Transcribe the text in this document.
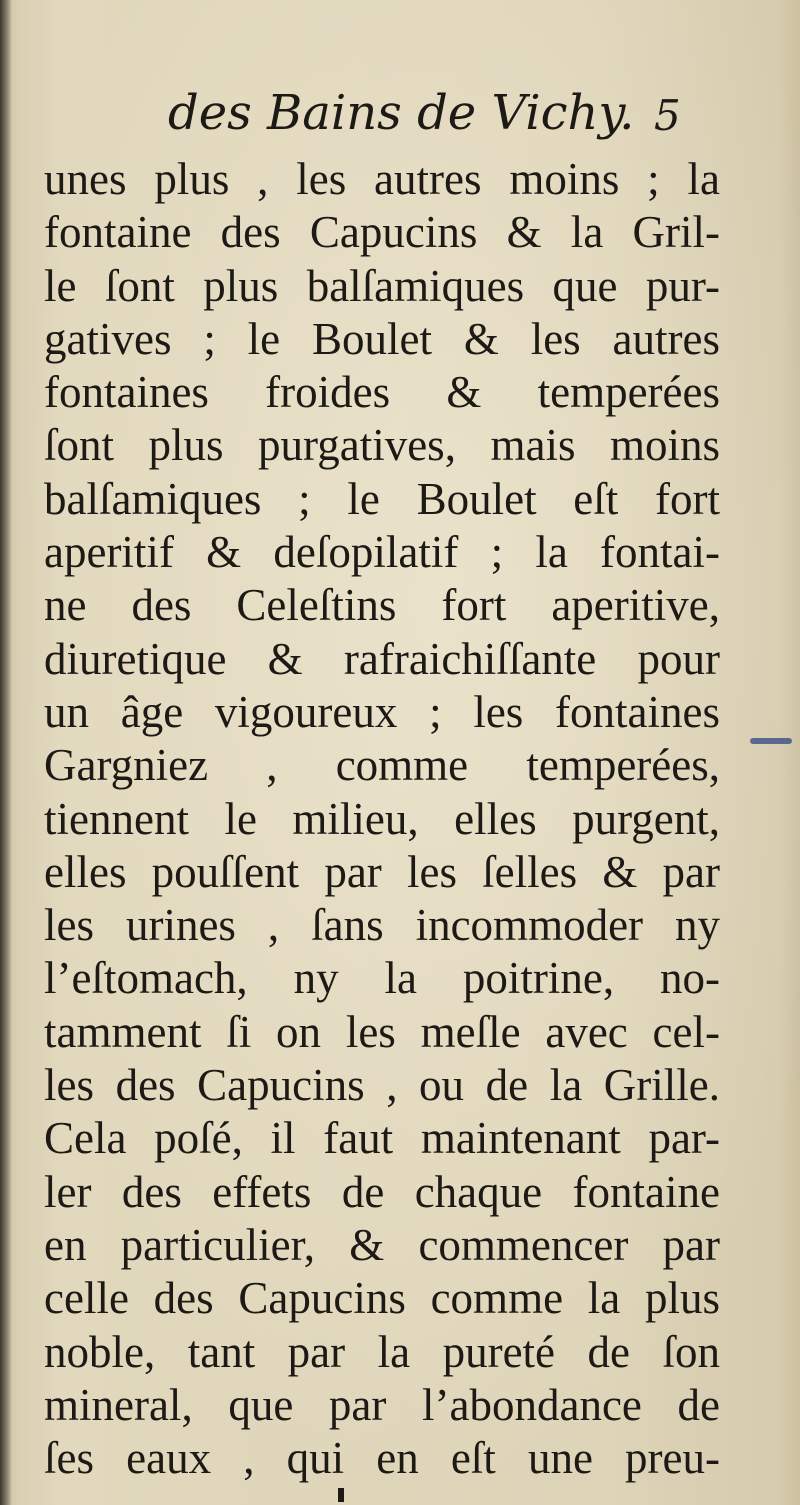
des Bains de Vichy. 5
unes plus , les autres moins ; la
fontaine des Capucins & la Gril-
le ſont plus balſamiques que pur-
gatives ; le Boulet & les autres
fontaines froides & temperées
ſont plus purgatives, mais moins
balſamiques ; le Boulet eſt fort
aperitif & deſopilatif ; la fontai-
ne des Celeſtins fort aperitive,
diuretique & rafraichiſſante pour
un âge vigoureux ; les fontaines
Gargniez , comme temperées,
tiennent le milieu, elles purgent,
elles pouſſent par les ſelles & par
les urines , ſans incommoder ny
l’eſtomach, ny la poitrine, no-
tamment ſi on les meſle avec cel-
les des Capucins , ou de la Grille.
Cela poſé, il faut maintenant par-
ler des effets de chaque fontaine
en particulier, & commencer par
celle des Capucins comme la plus
noble, tant par la pureté de ſon
mineral, que par l’abondance de
ſes eaux , qui en eſt une preu-
